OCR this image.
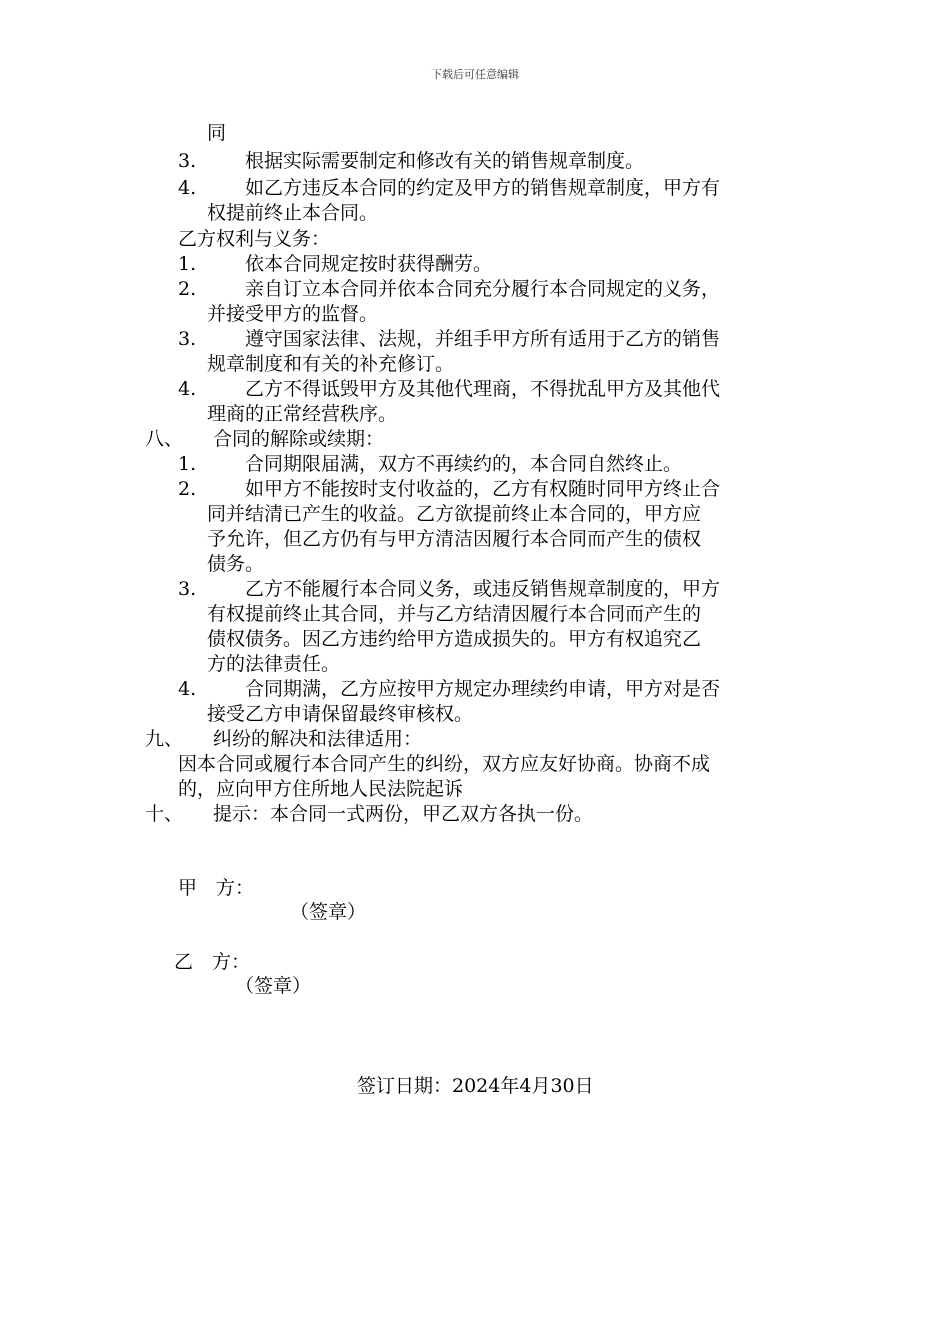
下载后可任意编辑
同
3.	根据实际需要制定和修改有关的销售规章制度。
4.	如乙方违反本合同的约定及甲方的销售规章制度，甲方有
权提前终止本合同。
乙方权利与义务：
1.	依本合同规定按时获得酬劳。
2.	亲自订立本合同并依本合同充分履行本合同规定的义务，
并接受甲方的监督。
3.	遵守国家法律、法规，并组手甲方所有适用于乙方的销售
规章制度和有关的补充修订。
4.	乙方不得诋毁甲方及其他代理商，不得扰乱甲方及其他代
理商的正常经营秩序。
八、 合同的解除或续期：
1.	合同期限届满，双方不再续约的，本合同自然终止。
2.	如甲方不能按时支付收益的，乙方有权随时同甲方终止合
同并结清已产生的收益。乙方欲提前终止本合同的，甲方应
予允许，但乙方仍有与甲方清洁因履行本合同而产生的债权
债务。
3.	乙方不能履行本合同义务，或违反销售规章制度的，甲方
有权提前终止其合同，并与乙方结清因履行本合同而产生的
债权债务。因乙方违约给甲方造成损失的。甲方有权追究乙
方的法律责任。
4.	合同期满，乙方应按甲方规定办理续约申请，甲方对是否
接受乙方申请保留最终审核权。
九、 纠纷的解决和法律适用：
因本合同或履行本合同产生的纠纷，双方应友好协商。协商不成
的，应向甲方住所地人民法院起诉
十、 提示：本合同一式两份，甲乙双方各执一份。
甲　方：
（签章）
乙　方：
（签章）
签订日期：2024年4月30日
